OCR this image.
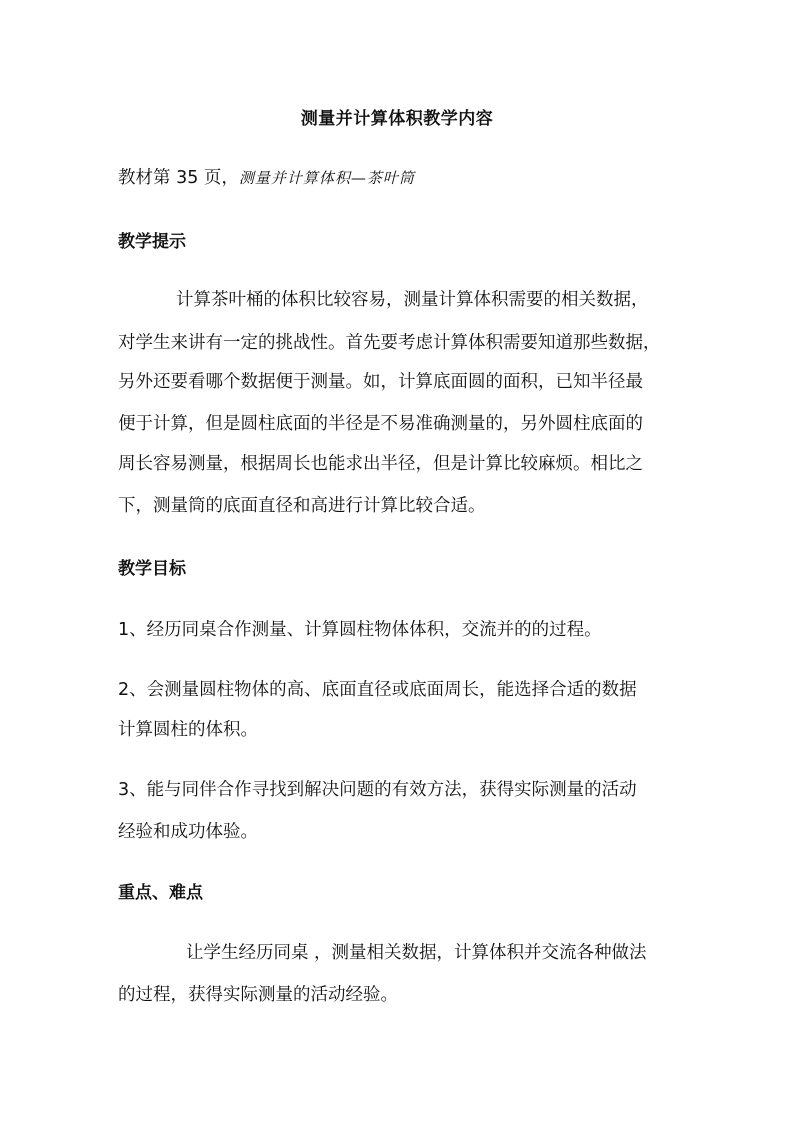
测量并计算体积教学内容
教材第 35 页，测量并计算体积—茶叶筒
教学提示
计算茶叶桶的体积比较容易，测量计算体积需要的相关数据，
对学生来讲有一定的挑战性。首先要考虑计算体积需要知道那些数据，
另外还要看哪个数据便于测量。如，计算底面圆的面积，已知半径最
便于计算，但是圆柱底面的半径是不易准确测量的，另外圆柱底面的
周长容易测量，根据周长也能求出半径，但是计算比较麻烦。相比之
下，测量筒的底面直径和高进行计算比较合适。
教学目标
1、经历同桌合作测量、计算圆柱物体体积，交流并的的过程。
2、会测量圆柱物体的高、底面直径或底面周长，能选择合适的数据
计算圆柱的体积。
3、能与同伴合作寻找到解决问题的有效方法，获得实际测量的活动
经验和成功体验。
重点、难点
让学生经历同桌 ，测量相关数据，计算体积并交流各种做法
的过程，获得实际测量的活动经验。
